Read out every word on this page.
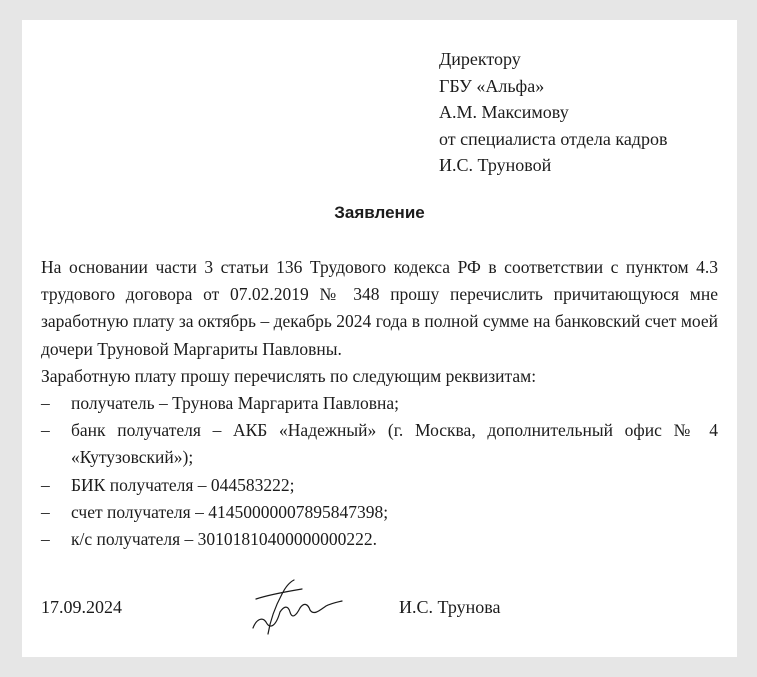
Директору
ГБУ «Альфа»
А.М. Максимову
от специалиста отдела кадров
И.С. Труновой
Заявление
На основании части 3 статьи 136 Трудового кодекса РФ в соответствии с пунктом 4.3 трудового договора от 07.02.2019 № 348 прошу перечислить причитающуюся мне заработную плату за октябрь – декабрь 2024 года в полной сумме на банковский счет моей дочери Труновой Маргариты Павловны.
Заработную плату прошу перечислять по следующим реквизитам:
– получатель – Трунова Маргарита Павловна;
– банк получателя – АКБ «Надежный» (г. Москва, дополнительный офис № 4 «Кутузовский»);
– БИК получателя – 044583222;
– счет получателя – 41450000007895847398;
– к/с получателя – 30101810400000000222.
17.09.2024	И.С. Трунова
